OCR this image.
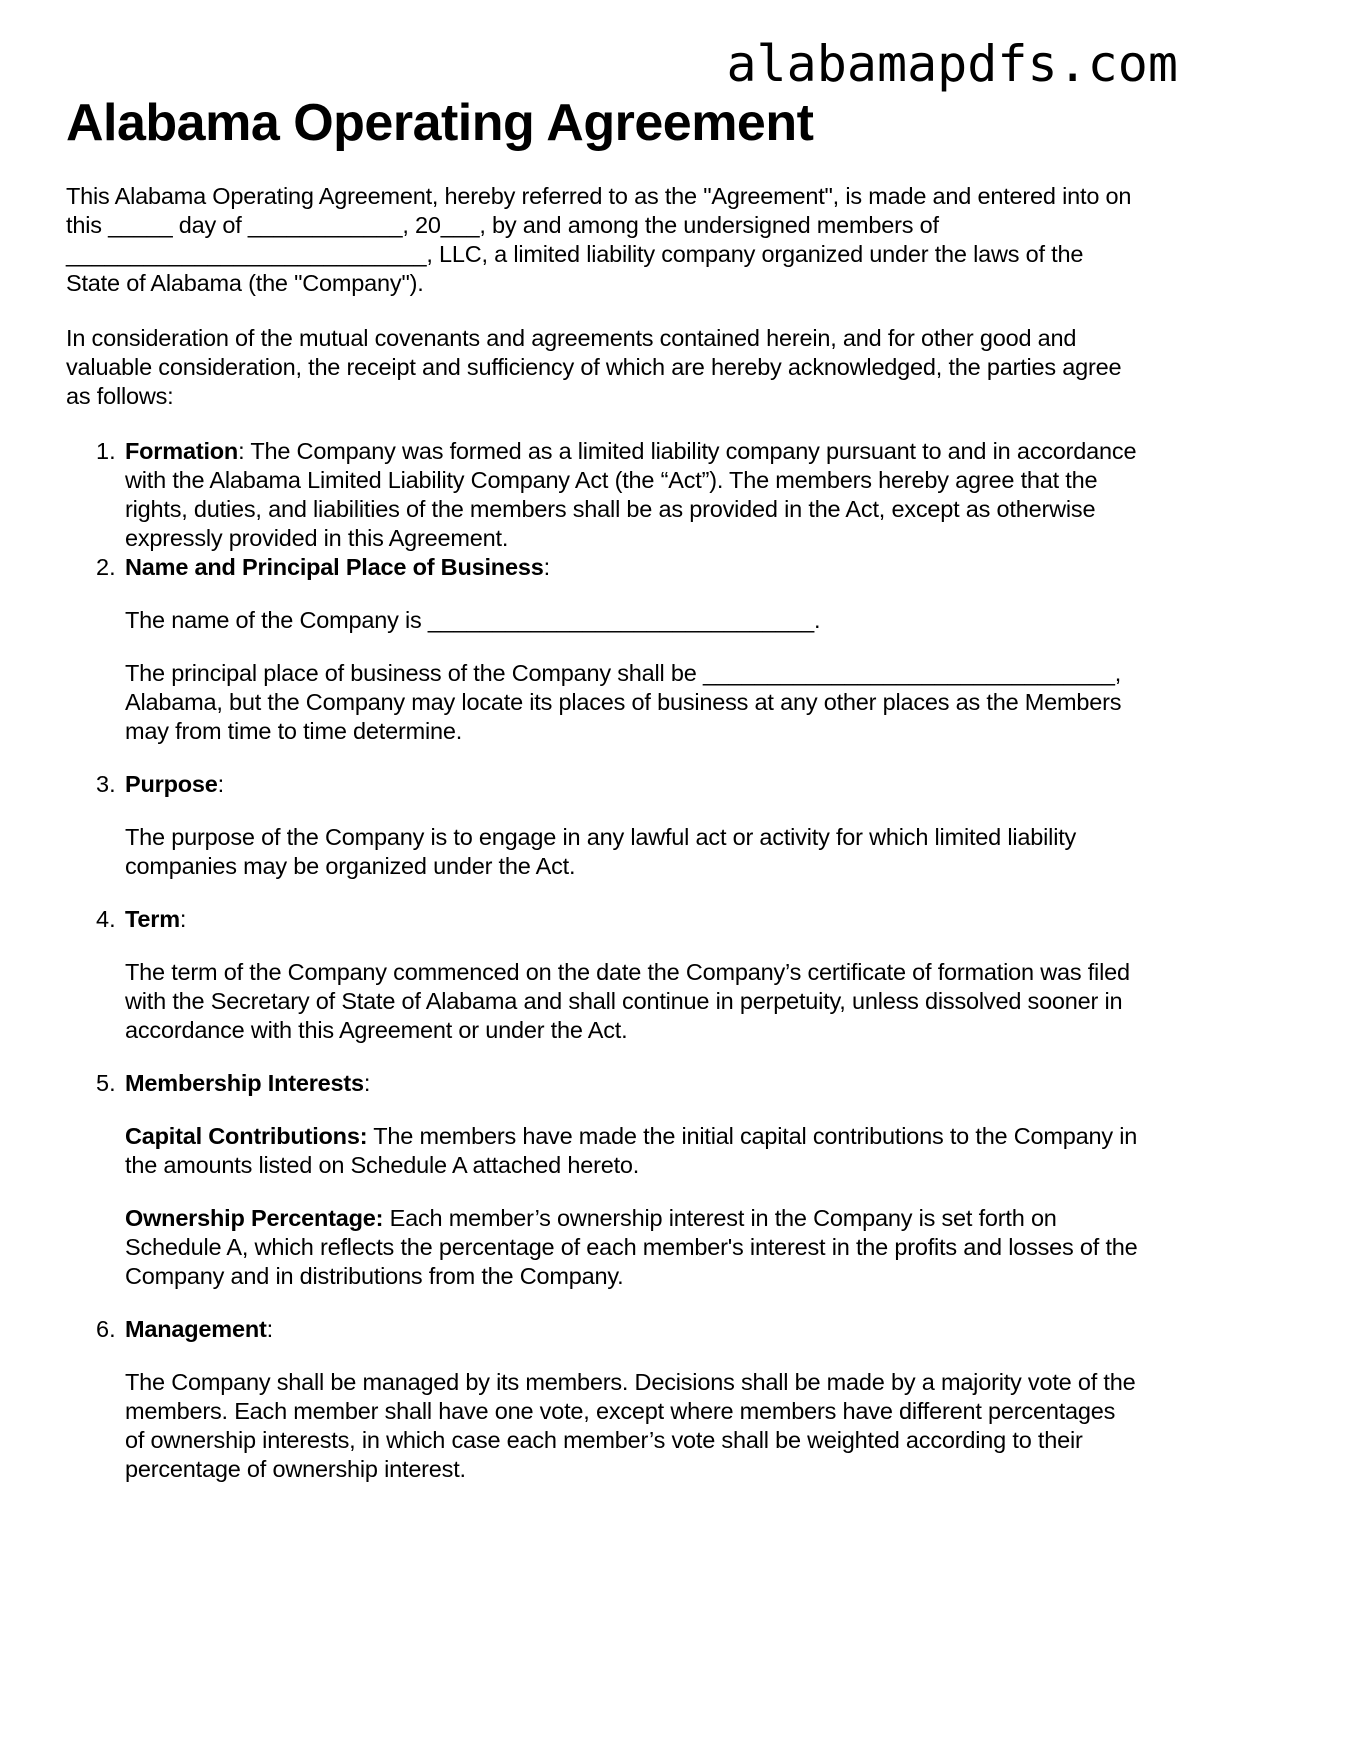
alabamapdfs.com
Alabama Operating Agreement

This Alabama Operating Agreement, hereby referred to as the "Agreement", is made and entered into on this _____ day of ____________, 20___, by and among the undersigned members of ____________________________, LLC, a limited liability company organized under the laws of the State of Alabama (the "Company").

In consideration of the mutual covenants and agreements contained herein, and for other good and valuable consideration, the receipt and sufficiency of which are hereby acknowledged, the parties agree as follows:

1. Formation: The Company was formed as a limited liability company pursuant to and in accordance with the Alabama Limited Liability Company Act (the “Act”). The members hereby agree that the rights, duties, and liabilities of the members shall be as provided in the Act, except as otherwise expressly provided in this Agreement.

2. Name and Principal Place of Business:

The name of the Company is ______________________________.

The principal place of business of the Company shall be ________________________________, Alabama, but the Company may locate its places of business at any other places as the Members may from time to time determine.

3. Purpose:

The purpose of the Company is to engage in any lawful act or activity for which limited liability companies may be organized under the Act.

4. Term:

The term of the Company commenced on the date the Company’s certificate of formation was filed with the Secretary of State of Alabama and shall continue in perpetuity, unless dissolved sooner in accordance with this Agreement or under the Act.

5. Membership Interests:

Capital Contributions: The members have made the initial capital contributions to the Company in the amounts listed on Schedule A attached hereto.

Ownership Percentage: Each member’s ownership interest in the Company is set forth on Schedule A, which reflects the percentage of each member's interest in the profits and losses of the Company and in distributions from the Company.

6. Management:

The Company shall be managed by its members. Decisions shall be made by a majority vote of the members. Each member shall have one vote, except where members have different percentages of ownership interests, in which case each member’s vote shall be weighted according to their percentage of ownership interest.
